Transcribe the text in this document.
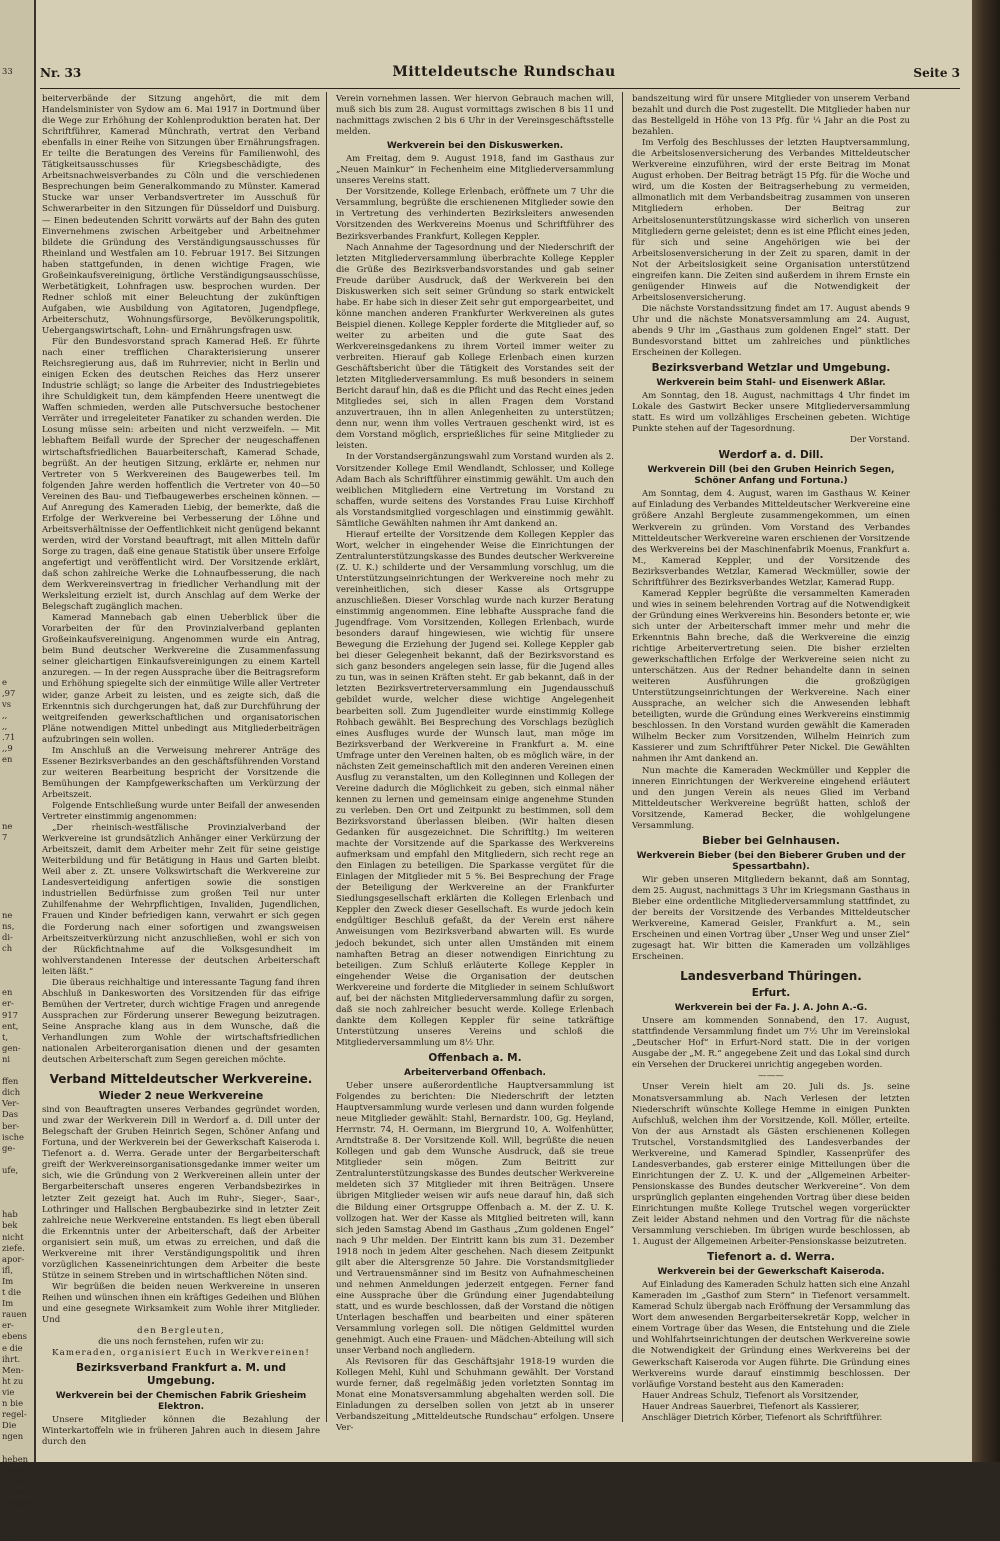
33
e
,97
vs
,,
,,
.71
,,9
en
ne
7
ne
ns,
di-
ch
en
er-
917
ent,
t,
gen-
ni
ffen
dich
Ver-
Das
ber-
ische
ge-
ufe,
hab
bek
nicht
ziefe.
apor-
ifl,
Im
t die
Im
rauen
er-
ebens
e die
ihrt.
Men-
ht zu
vie
n bie
regel-
Die
ngen
heben
helnd.
n ge-
n Die
Ktrone
gt.)
Nr. 33	Mitteldeutsche Rundschau	Seite 3

beiterverbände der Sitzung angehört, die mit dem Handelsminister von Sydow am 6. Mai 1917 in Dortmund über die Wege zur Erhöhung der Kohlenproduktion beraten hat. Der Schriftführer, Kamerad Münchrath, vertrat den Verband ebenfalls in einer Reihe von Sitzungen über Ernährungsfragen. Er teilte die Beratungen des Vereins für Familienwohl, des Tätigkeitsausschusses für Kriegsbeschädigte, des Arbeitsnachweisverbandes zu Cöln und die verschiedenen Besprechungen beim Generalkommando zu Münster. Kamerad Stucke war unser Verbandsvertreter im Ausschuß für Schwerarbeiter in den Sitzungen für Düsseldorf und Duisburg. — Einen bedeutenden Schritt vorwärts auf der Bahn des guten Einvernehmens zwischen Arbeitgeber und Arbeitnehmer bildete die Gründung des Verständigungsausschusses für Rheinland und Westfalen am 10. Februar 1917. Bei Sitzungen haben stattgefunden, in denen wichtige Fragen, wie Großeinkaufsvereinigung, örtliche Verständigungsausschüsse, Werbetätigkeit, Lohnfragen usw. besprochen wurden. Der Redner schloß mit einer Beleuchtung der zukünftigen Aufgaben, wie Ausbildung von Agitatoren, Jugendpflege, Arbeiterschutz, Wohnungsfürsorge, Bevölkerungspolitik, Uebergangswirtschaft, Lohn- und Ernährungsfragen usw.

Für den Bundesvorstand sprach Kamerad Heß. Er führte nach einer trefflichen Charakterisierung unserer Reichsregierung aus, daß im Ruhrrevier, nicht in Berlin und einigen Ecken des deutschen Reiches das Herz unserer Industrie schlägt; so lange die Arbeiter des Industriegebietes ihre Schuldigkeit tun, dem kämpfenden Heere unentwegt die Waffen schmieden, werden alle Putschversuche bestochener Verräter und irregeleiteter Fanatiker zu schanden werden. Die Losung müsse sein: arbeiten und nicht verzweifeln. — Mit lebhaftem Beifall wurde der Sprecher der neugeschaffenen wirtschaftsfriedlichen Bauarbeiterschaft, Kamerad Schade, begrüßt. An der heutigen Sitzung, erklärte er, nehmen nur Vertreter von 5 Werkvereinen des Baugewerbes teil. Im folgenden Jahre werden hoffentlich die Vertreter von 40—50 Vereinen des Bau- und Tiefbaugewerbes erscheinen können. — Auf Anregung des Kameraden Liebig, der bemerkte, daß die Erfolge der Werkvereine bei Verbesserung der Löhne und Arbeitsverhältnisse der Oeffentlichkeit nicht genügend bekannt werden, wird der Vorstand beauftragt, mit allen Mitteln dafür Sorge zu tragen, daß eine genaue Statistik über unsere Erfolge angefertigt und veröffentlicht wird. Der Vorsitzende erklärt, daß schon zahlreiche Werke die Lohnaufbesserung, die nach dem Werkvereinsvertrag in friedlicher Verhandlung mit der Werksleitung erzielt ist, durch Anschlag auf dem Werke der Belegschaft zugänglich machen.

Kamerad Mannebach gab einen Ueberblick über die Vorarbeiten der für den Provinzialverband geplanten Großeinkaufsvereinigung. Angenommen wurde ein Antrag, beim Bund deutscher Werkvereine die Zusammenfassung seiner gleichartigen Einkaufsvereinigungen zu einem Kartell anzuregen. — In der regen Aussprache über die Beitragsreform und Erhöhung spiegelte sich der einmütige Wille aller Vertreter wider, ganze Arbeit zu leisten, und es zeigte sich, daß die Erkenntnis sich durchgerungen hat, daß zur Durchführung der weitgreifenden gewerkschaftlichen und organisatorischen Pläne notwendigen Mittel unbedingt aus Mitgliederbeiträgen aufzubringen sein wollen.

Im Anschluß an die Verweisung mehrerer Anträge des Essener Bezirksverbandes an den geschäftsführenden Vorstand zur weiteren Bearbeitung bespricht der Vorsitzende die Bemühungen der Kampfgewerkschaften um Verkürzung der Arbeitszeit.

Folgende Entschließung wurde unter Beifall der anwesenden Vertreter einstimmig angenommen:

„Der rheinisch-westfälische Provinzialverband der Werkvereine ist grundsätzlich Anhänger einer Verkürzung der Arbeitszeit, damit dem Arbeiter mehr Zeit für seine geistige Weiterbildung und für Betätigung in Haus und Garten bleibt. Weil aber z. Zt. unsere Volkswirtschaft die Werkvereine zur Landesverteidigung anfertigen sowie die sonstigen industriellen Bedürfnisse zum großen Teil nur unter Zuhilfenahme der Wehrpflichtigen, Invaliden, Jugendlichen, Frauen und Kinder befriedigen kann, verwahrt er sich gegen die Forderung nach einer sofortigen und zwangsweisen Arbeitszeitverkürzung nicht anzuschließen, wohl er sich von der Rückfichtnahme auf die Volksgesundheit im wohlverstandenen Interesse der deutschen Arbeiterschaft leiten läßt.“

Die überaus reichhaltige und interessante Tagung fand ihren Abschluß in Dankesworten des Vorsitzenden für das eifrige Bemühen der Vertreter, durch wichtige Fragen und anregende Aussprachen zur Förderung unserer Bewegung beizutragen. Seine Ansprache klang aus in dem Wunsche, daß die Verhandlungen zum Wohle der wirtschaftsfriedlichen nationalen Arbeiterorganisation dienen und der gesamten deutschen Arbeiterschaft zum Segen gereichen möchte.

Verband Mitteldeutscher Werkvereine.
Wieder 2 neue Werkvereine

sind von Beauftragten unseres Verbandes gegründet worden, und zwar der Werkverein Dill in Werdorf a. d. Dill unter der Belegschaft der Gruben Heinrich Segen, Schöner Anfang und Fortuna, und der Werkverein bei der Gewerkschaft Kaiseroda i. Tiefenort a. d. Werra. Gerade unter der Bergarbeiterschaft greift der Werkvereinsorganisationsgedanke immer weiter um sich, wie die Gründung von 2 Werkvereinen allein unter der Bergarbeiterschaft unseres engeren Verbandsbezirkes in letzter Zeit gezeigt hat. Auch im Ruhr-, Sieger-, Saar-, Lothringer und Hallschen Bergbaubezirke sind in letzter Zeit zahlreiche neue Werkvereine entstanden. Es liegt eben überall die Erkenntnis unter der Arbeiterschaft, daß der Arbeiter organisiert sein muß, um etwas zu erreichen, und daß die Werkvereine mit ihrer Verständigungspolitik und ihren vorzüglichen Kasseneinrichtungen dem Arbeiter die beste Stütze in seinem Streben und in wirtschaftlichen Nöten sind.

Wir begrüßen die beiden neuen Werkvereine in unseren Reihen und wünschen ihnen ein kräftiges Gedeihen und Blühen und eine gesegnete Wirksamkeit zum Wohle ihrer Mitglieder. Und

den Bergleuten,

die uns noch fernstehen, rufen wir zu:

Kameraden, organisiert Euch in Werkvereinen!

Bezirksverband Frankfurt a. M. und Umgebung.
Werkverein bei der Chemischen Fabrik Griesheim Elektron.

Unsere Mitglieder können die Bezahlung der Winterkartoffeln wie in früheren Jahren auch in diesem Jahre durch den

Verein vornehmen lassen. Wer hiervon Gebrauch machen will, muß sich bis zum 28. August vormittags zwischen 8 bis 11 und nachmittags zwischen 2 bis 6 Uhr in der Vereinsgeschäftsstelle melden.

Werkverein bei den Diskuswerken.

Am Freitag, dem 9. August 1918, fand im Gasthaus zur „Neuen Mainkur“ in Fechenheim eine Mitgliederversammlung unseres Vereins statt.

Der Vorsitzende, Kollege Erlenbach, eröffnete um 7 Uhr die Versammlung, begrüßte die erschienenen Mitglieder sowie den in Vertretung des verhinderten Bezirksleiters anwesenden Vorsitzenden des Werkvereins Moenus und Schriftführer des Bezirksverbandes Frankfurt, Kollegen Keppler.

Nach Annahme der Tagesordnung und der Niederschrift der letzten Mitgliederversammlung überbrachte Kollege Keppler die Grüße des Bezirksverbandsvorstandes und gab seiner Freude darüber Ausdruck, daß der Werkverein bei den Diskuswerken sich seit seiner Gründung so stark entwickelt habe. Er habe sich in dieser Zeit sehr gut emporgearbeitet, und könne manchen anderen Frankfurter Werkvereinen als gutes Beispiel dienen. Kollege Keppler forderte die Mitglieder auf, so weiter zu arbeiten und die gute Saat des Werkvereinsgedankens zu ihrem Vorteil immer weiter zu verbreiten. Hierauf gab Kollege Erlenbach einen kurzen Geschäftsbericht über die Tätigkeit des Vorstandes seit der letzten Mitgliederversammlung. Es muß besonders in seinem Bericht darauf hin, daß es die Pflicht und das Recht eines jeden Mitgliedes sei, sich in allen Fragen dem Vorstand anzuvertrauen, ihn in allen Anlegenheiten zu unterstützen; denn nur, wenn ihm volles Vertrauen geschenkt wird, ist es dem Vorstand möglich, ersprießliches für seine Mitglieder zu leisten.

In der Vorstandsergänzungswahl zum Vorstand wurden als 2. Vorsitzender Kollege Emil Wendlandt, Schlosser, und Kollege Adam Bach als Schriftführer einstimmig gewählt. Um auch den weiblichen Mitgliedern eine Vertretung im Vorstand zu schaffen, wurde seitens des Vorstandes Frau Luise Kirchhoff als Vorstandsmitglied vorgeschlagen und einstimmig gewählt. Sämtliche Gewählten nahmen ihr Amt dankend an.

Hierauf erteilte der Vorsitzende dem Kollegen Keppler das Wort, welcher in eingehender Weise die Einrichtungen der Zentralunterstützungskasse des Bundes deutscher Werkvereine (Z. U. K.) schilderte und der Versammlung vorschlug, um die Unterstützungseinrichtungen der Werkvereine noch mehr zu vereinheitlichen, sich dieser Kasse als Ortsgruppe anzuschließen. Dieser Vorschlag wurde nach kurzer Beratung einstimmig angenommen. Eine lebhafte Aussprache fand die Jugendfrage. Vom Vorsitzenden, Kollegen Erlenbach, wurde besonders darauf hingewiesen, wie wichtig für unsere Bewegung die Erziehung der Jugend sei. Kollege Keppler gab bei dieser Gelegenheit bekannt, daß der Bezirksvorstand es sich ganz besonders angelegen sein lasse, für die Jugend alles zu tun, was in seinen Kräften steht. Er gab bekannt, daß in der letzten Bezirksvertreterversammlung ein Jugendausschuß gebildet wurde, welcher diese wichtige Angelegenheit bearbeiten soll. Zum Jugendleiter wurde einstimmig Kollege Rohbach gewählt. Bei Besprechung des Vorschlags bezüglich eines Ausfluges wurde der Wunsch laut, man möge im Bezirksverband der Werkvereine in Frankfurt a. M. eine Umfrage unter den Vereinen halten, ob es möglich wäre, in der nächsten Zeit gemeinschaftlich mit den anderen Vereinen einen Ausflug zu veranstalten, um den Kolleginnen und Kollegen der Vereine dadurch die Möglichkeit zu geben, sich einmal näher kennen zu lernen und gemeinsam einige angenehme Stunden zu verleben. Den Ort und Zeitpunkt zu bestimmen, soll dem Bezirksvorstand überlassen bleiben. (Wir halten diesen Gedanken für ausgezeichnet. Die Schriftltg.) Im weiteren machte der Vorsitzende auf die Sparkasse des Werkvereins aufmerksam und empfahl den Mitgliedern, sich recht rege an den Einlagen zu beteiligen. Die Sparkasse vergütet für die Einlagen der Mitglieder mit 5 %. Bei Besprechung der Frage der Beteiligung der Werkvereine an der Frankfurter Siedlungsgesellschaft erklärten die Kollegen Erlenbach und Keppler den Zweck dieser Gesellschaft. Es wurde jedoch kein endgültiger Beschluß gefaßt, da der Verein erst nähere Anweisungen vom Bezirksverband abwarten will. Es wurde jedoch bekundet, sich unter allen Umständen mit einem namhaften Betrag an dieser notwendigen Einrichtung zu beteiligen. Zum Schluß erläuterte Kollege Keppler in eingehender Weise die Organisation der deutschen Werkvereine und forderte die Mitglieder in seinem Schlußwort auf, bei der nächsten Mitgliederversammlung dafür zu sorgen, daß sie noch zahlreicher besucht werde. Kollege Erlenbach dankte dem Kollegen Keppler für seine tatkräftige Unterstützung unseres Vereins und schloß die Mitgliederversammlung um 8½ Uhr.

Offenbach a. M.
Arbeiterverband Offenbach.

Ueber unsere außerordentliche Hauptversammlung ist Folgendes zu berichten: Die Niederschrift der letzten Hauptversammlung wurde verlesen und dann wurden folgende neue Mitglieder gewählt: Stahl, Bernardstr. 100, Gg. Heyland, Herrnstr. 74, H. Oermann, im Biergrund 10, A. Wolfenhütter, Arndtstraße 8. Der Vorsitzende Koll. Will, begrüßte die neuen Kollegen und gab dem Wunsche Ausdruck, daß sie treue Mitglieder sein mögen. Zum Beitritt zur Zentralunterstützungskasse des Bundes deutscher Werkvereine meldeten sich 37 Mitglieder mit ihren Beiträgen. Unsere übrigen Mitglieder weisen wir aufs neue darauf hin, daß sich die Bildung einer Ortsgruppe Offenbach a. M. der Z. U. K. vollzogen hat. Wer der Kasse als Mitglied beitreten will, kann sich jeden Samstag Abend im Gasthaus „Zum goldenen Engel“ nach 9 Uhr melden. Der Eintritt kann bis zum 31. Dezember 1918 noch in jedem Alter geschehen. Nach diesem Zeitpunkt gilt aber die Altersgrenze 50 Jahre. Die Vorstandsmitglieder und Vertrauensmänner sind im Besitz von Aufnahmescheinen und nehmen Anmeldungen jederzeit entgegen. Ferner fand eine Aussprache über die Gründung einer Jugendabteilung statt, und es wurde beschlossen, daß der Vorstand die nötigen Unterlagen beschaffen und bearbeiten und einer späteren Versammlung vorlegen soll. Die nötigen Geldmittel wurden genehmigt. Auch eine Frauen- und Mädchen-Abteilung will sich unser Verband noch angliedern.

Als Revisoren für das Geschäftsjahr 1918-19 wurden die Kollegen Mehl, Kuhl und Schuhmann gewählt. Der Vorstand wurde ferner, daß regelmäßig jeden vorletzten Sonntag im Monat eine Monatsversammlung abgehalten werden soll. Die Einladungen zu derselben sollen von jetzt ab in unserer Verbandszeitung „Mitteldeutsche Rundschau“ erfolgen. Unsere Ver-

bandszeitung wird für unsere Mitglieder von unserem Verband bezahlt und durch die Post zugestellt. Die Mitglieder haben nur das Bestellgeld in Höhe von 13 Pfg. für ¼ Jahr an die Post zu bezahlen.

Im Verfolg des Beschlusses der letzten Hauptversammlung, die Arbeitslosenversicherung des Verbandes Mitteldeutscher Werkvereine einzuführen, wird der erste Beitrag im Monat August erhoben. Der Beitrag beträgt 15 Pfg. für die Woche und wird, um die Kosten der Beitragserhebung zu vermeiden, allmonatlich mit dem Verbandsbeitrag zusammen von unseren Mitgliedern erhoben. Der Beitrag zur Arbeitslosenunterstützungskasse wird sicherlich von unseren Mitgliedern gerne geleistet; denn es ist eine Pflicht eines jeden, für sich und seine Angehörigen wie bei der Arbeitslosenversicherung in der Zeit zu sparen, damit in der Not der Arbeitslosigkeit seine Organisation unterstützend eingreifen kann. Die Zeiten sind außerdem in ihrem Ernste ein genügender Hinweis auf die Notwendigkeit der Arbeitslosenversicherung.

Die nächste Vorstandssitzung findet am 17. August abends 9 Uhr und die nächste Monatsversammlung am 24. August, abends 9 Uhr im „Gasthaus zum goldenen Engel“ statt. Der Bundesvorstand bittet um zahlreiches und pünktliches Erscheinen der Kollegen.

Bezirksverband Wetzlar und Umgebung.
Werkverein beim Stahl- und Eisenwerk Aßlar.

Am Sonntag, den 18. August, nachmittags 4 Uhr findet im Lokale des Gastwirt Becker unsere Mitgliederversammlung statt. Es wird um vollzähliges Erscheinen gebeten. Wichtige Punkte stehen auf der Tagesordnung.

Der Vorstand.

Werdorf a. d. Dill.
Werkverein Dill (bei den Gruben Heinrich Segen, Schöner Anfang und Fortuna.)

Am Sonntag, dem 4. August, waren im Gasthaus W. Keiner auf Einladung des Verbandes Mitteldeutscher Werkvereine eine größere Anzahl Bergleute zusammengekommen, um einen Werkverein zu gründen. Vom Vorstand des Verbandes Mitteldeutscher Werkvereine waren erschienen der Vorsitzende des Werkvereins bei der Maschinenfabrik Moenus, Frankfurt a. M., Kamerad Keppler, und der Vorsitzende des Bezirksverbandes Wetzlar, Kamerad Weckmüller, sowie der Schriftführer des Bezirksverbandes Wetzlar, Kamerad Rupp.

Kamerad Keppler begrüßte die versammelten Kameraden und wies in seinem belehrenden Vortrag auf die Notwendigkeit der Gründung eines Werkvereins hin. Besonders betonte er, wie sich unter der Arbeiterschaft immer mehr und mehr die Erkenntnis Bahn breche, daß die Werkvereine die einzig richtige Arbeitervertretung seien. Die bisher erzielten gewerkschaftlichen Erfolge der Werkvereine seien nicht zu unterschätzen. Aus der Redner behandelte dann in seinen weiteren Ausführungen die großzügigen Unterstützungseinrichtungen der Werkvereine. Nach einer Aussprache, an welcher sich die Anwesenden lebhaft beteiligten, wurde die Gründung eines Werkvereins einstimmig beschlossen. In den Vorstand wurden gewählt die Kameraden Wilhelm Becker zum Vorsitzenden, Wilhelm Heinrich zum Kassierer und zum Schriftführer Peter Nickel. Die Gewählten nahmen ihr Amt dankend an.

Nun machte die Kameraden Weckmüller und Keppler die inneren Einrichtungen der Werkvereine eingehend erläutert und den jungen Verein als neues Glied im Verband Mitteldeutscher Werkvereine begrüßt hatten, schloß der Vorsitzende, Kamerad Becker, die wohlgelungene Versammlung.

Bieber bei Gelnhausen.
Werkverein Bieber (bei den Bieberer Gruben und der Spessartbahn).

Wir geben unseren Mitgliedern bekannt, daß am Sonntag, dem 25. August, nachmittags 3 Uhr im Kriegsmann Gasthaus in Bieber eine ordentliche Mitgliederversammlung stattfindet, zu der bereits der Vorsitzende des Verbandes Mitteldeutscher Werkvereine, Kamerad Geisler, Frankfurt a. M., sein Erscheinen und einen Vortrag über „Unser Weg und unser Ziel“ zugesagt hat. Wir bitten die Kameraden um vollzähliges Erscheinen.

Landesverband Thüringen.
Erfurt.
Werkverein bei der Fa. J. A. John A.-G.

Unsere am kommenden Sonnabend, den 17. August, stattfindende Versammlung findet um 7½ Uhr im Vereinslokal „Deutscher Hof“ in Erfurt-Nord statt. Die in der vorigen Ausgabe der „M. R.“ angegebene Zeit und das Lokal sind durch ein Versehen der Druckerei unrichtig angegeben worden.

———

Unser Verein hielt am 20. Juli ds. Js. seine Monatsversammlung ab. Nach Verlesen der letzten Niederschrift wünschte Kollege Hemme in einigen Punkten Aufschluß, welchen ihm der Vorsitzende, Koll. Möller, erteilte. Von der aus Arnstadt als Gästen erschienenen Kollegen Trutschel, Vorstandsmitglied des Landesverbandes der Werkvereine, und Kamerad Spindler, Kassenprüfer des Landesverbandes, gab ersterer einige Mitteilungen über die Einrichtungen der Z. U. K. und der „Allgemeinen Arbeiter-Pensionskasse des Bundes deutscher Werkvereine“. Von dem ursprünglich geplanten eingehenden Vortrag über diese beiden Einrichtungen mußte Kollege Trutschel wegen vorgerückter Zeit leider Abstand nehmen und den Vortrag für die nächste Versammlung verschieben. Im übrigen wurde beschlossen, ab 1. August der Allgemeinen Arbeiter-Pensionskasse beizutreten.

Tiefenort a. d. Werra.
Werkverein bei der Gewerkschaft Kaiseroda.

Auf Einladung des Kameraden Schulz hatten sich eine Anzahl Kameraden im „Gasthof zum Stern“ in Tiefenort versammelt. Kamerad Schulz übergab nach Eröffnung der Versammlung das Wort dem anwesenden Bergarbeitersekretär Kopp, welcher in einem Vortrage über das Wesen, die Entstehung und die Ziele und Wohlfahrtseinrichtungen der deutschen Werkvereine sowie die Notwendigkeit der Gründung eines Werkvereins bei der Gewerkschaft Kaiseroda vor Augen führte. Die Gründung eines Werkvereins wurde darauf einstimmig beschlossen. Der vorläufige Vorstand besteht aus den Kameraden:

Hauer Andreas Schulz, Tiefenort als Vorsitzender,

Hauer Andreas Sauerbrei, Tiefenort als Kassierer,

Anschläger Dietrich Körber, Tiefenort als Schriftführer.
